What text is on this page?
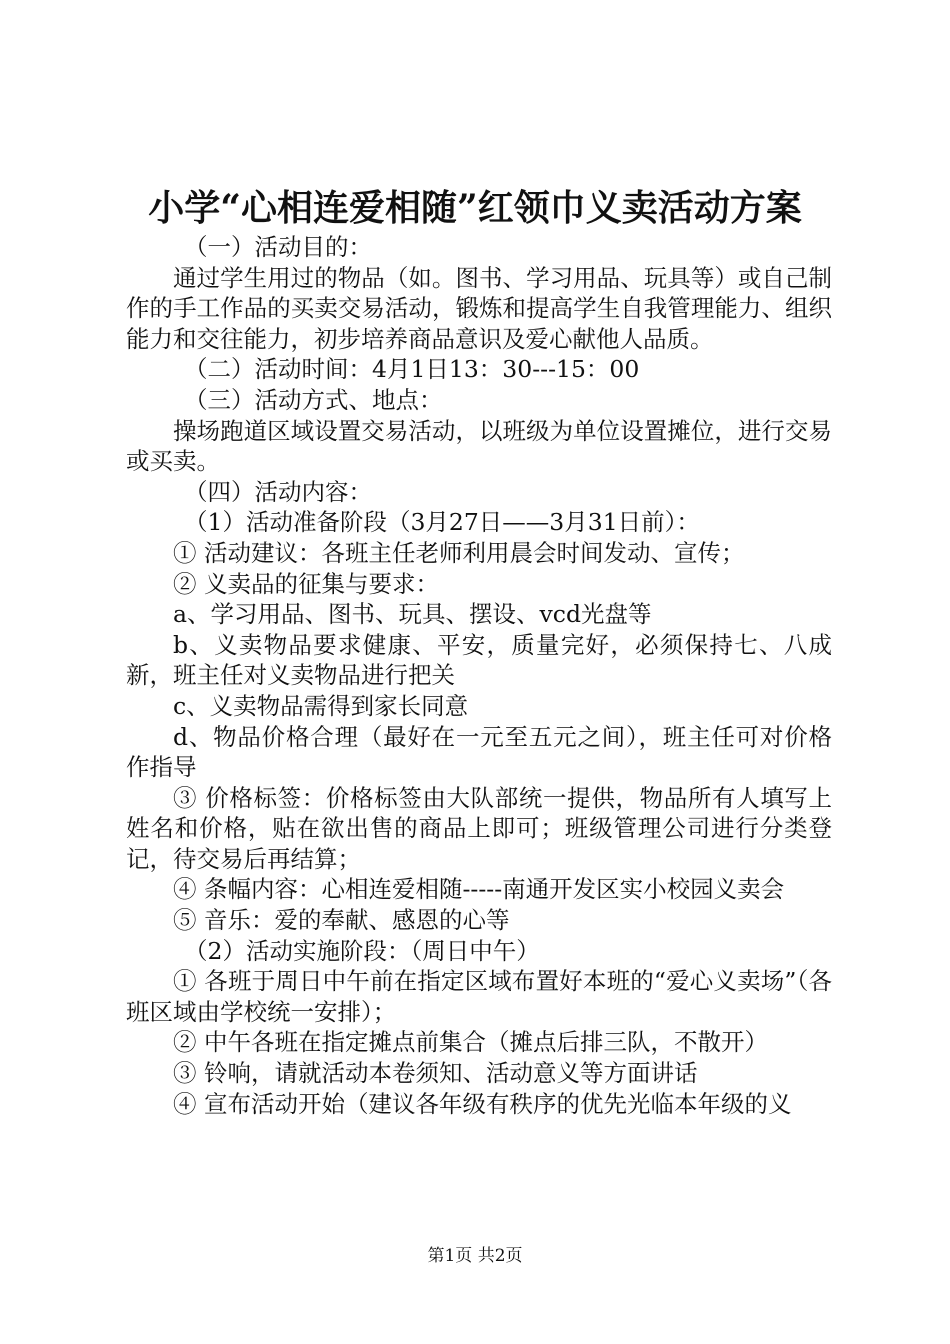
小学“心相连爱相随”红领巾义卖活动方案

（一）活动目的：

通过学生用过的物品（如。图书、学习用品、玩具等）或自己制作的手工作品的买卖交易活动，锻炼和提高学生自我管理能力、组织能力和交往能力，初步培养商品意识及爱心献他人品质。

（二）活动时间：4月1日13：30---15：00

（三）活动方式、地点：

操场跑道区域设置交易活动，以班级为单位设置摊位，进行交易或买卖。

（四）活动内容：

（1）活动准备阶段（3月27日——3月31日前）：

① 活动建议：各班主任老师利用晨会时间发动、宣传；

② 义卖品的征集与要求：

a、学习用品、图书、玩具、摆设、vcd光盘等

b、义卖物品要求健康、平安，质量完好，必须保持七、八成新，班主任对义卖物品进行把关

c、义卖物品需得到家长同意

d、物品价格合理（最好在一元至五元之间），班主任可对价格作指导

③ 价格标签：价格标签由大队部统一提供，物品所有人填写上姓名和价格，贴在欲出售的商品上即可；班级管理公司进行分类登记，待交易后再结算；

④ 条幅内容：心相连爱相随-----南通开发区实小校园义卖会

⑤ 音乐：爱的奉献、感恩的心等

（2）活动实施阶段：（周日中午）

① 各班于周日中午前在指定区域布置好本班的“爱心义卖场”（各班区域由学校统一安排）；

② 中午各班在指定摊点前集合（摊点后排三队，不散开）

③ 铃响，请就活动本卷须知、活动意义等方面讲话

④ 宣布活动开始（建议各年级有秩序的优先光临本年级的义

第1页 共2页
